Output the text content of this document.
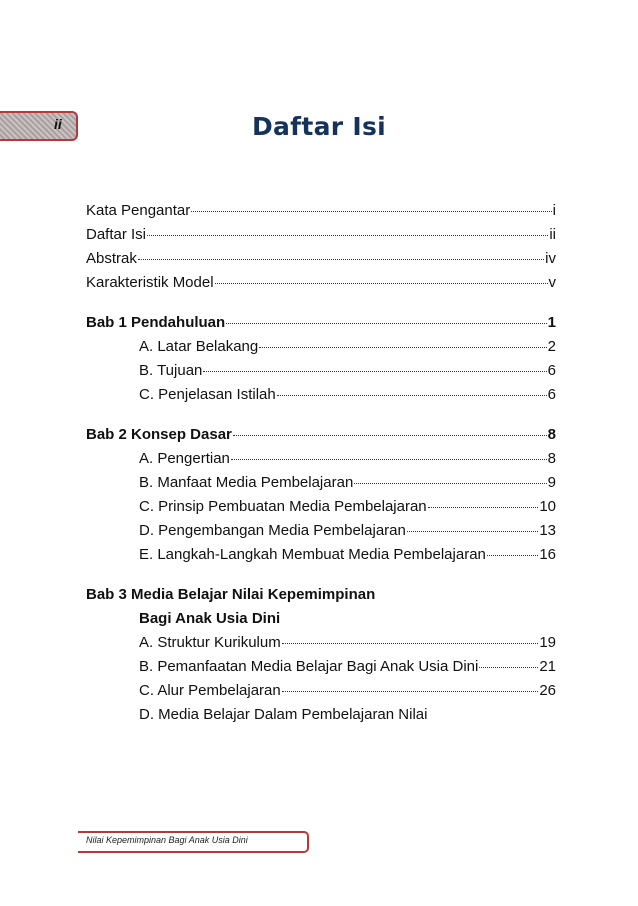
ii	Daftar Isi
Kata Pengantar	i
Daftar Isi	ii
Abstrak	iv
Karakteristik Model	v
Bab 1 Pendahuluan	1
A. Latar Belakang	2
B. Tujuan	6
C. Penjelasan Istilah	6
Bab 2 Konsep Dasar	8
A. Pengertian	8
B. Manfaat Media Pembelajaran	9
C. Prinsip Pembuatan Media Pembelajaran	10
D. Pengembangan Media Pembelajaran	13
E. Langkah-Langkah Membuat Media Pembelajaran	16
Bab 3 Media Belajar Nilai Kepemimpinan
Bagi Anak Usia Dini
A. Struktur Kurikulum	19
B. Pemanfaatan Media Belajar Bagi Anak Usia Dini	21
C. Alur Pembelajaran	26
D. Media Belajar Dalam Pembelajaran Nilai
Nilai Kepemimpinan Bagi Anak Usia Dini
